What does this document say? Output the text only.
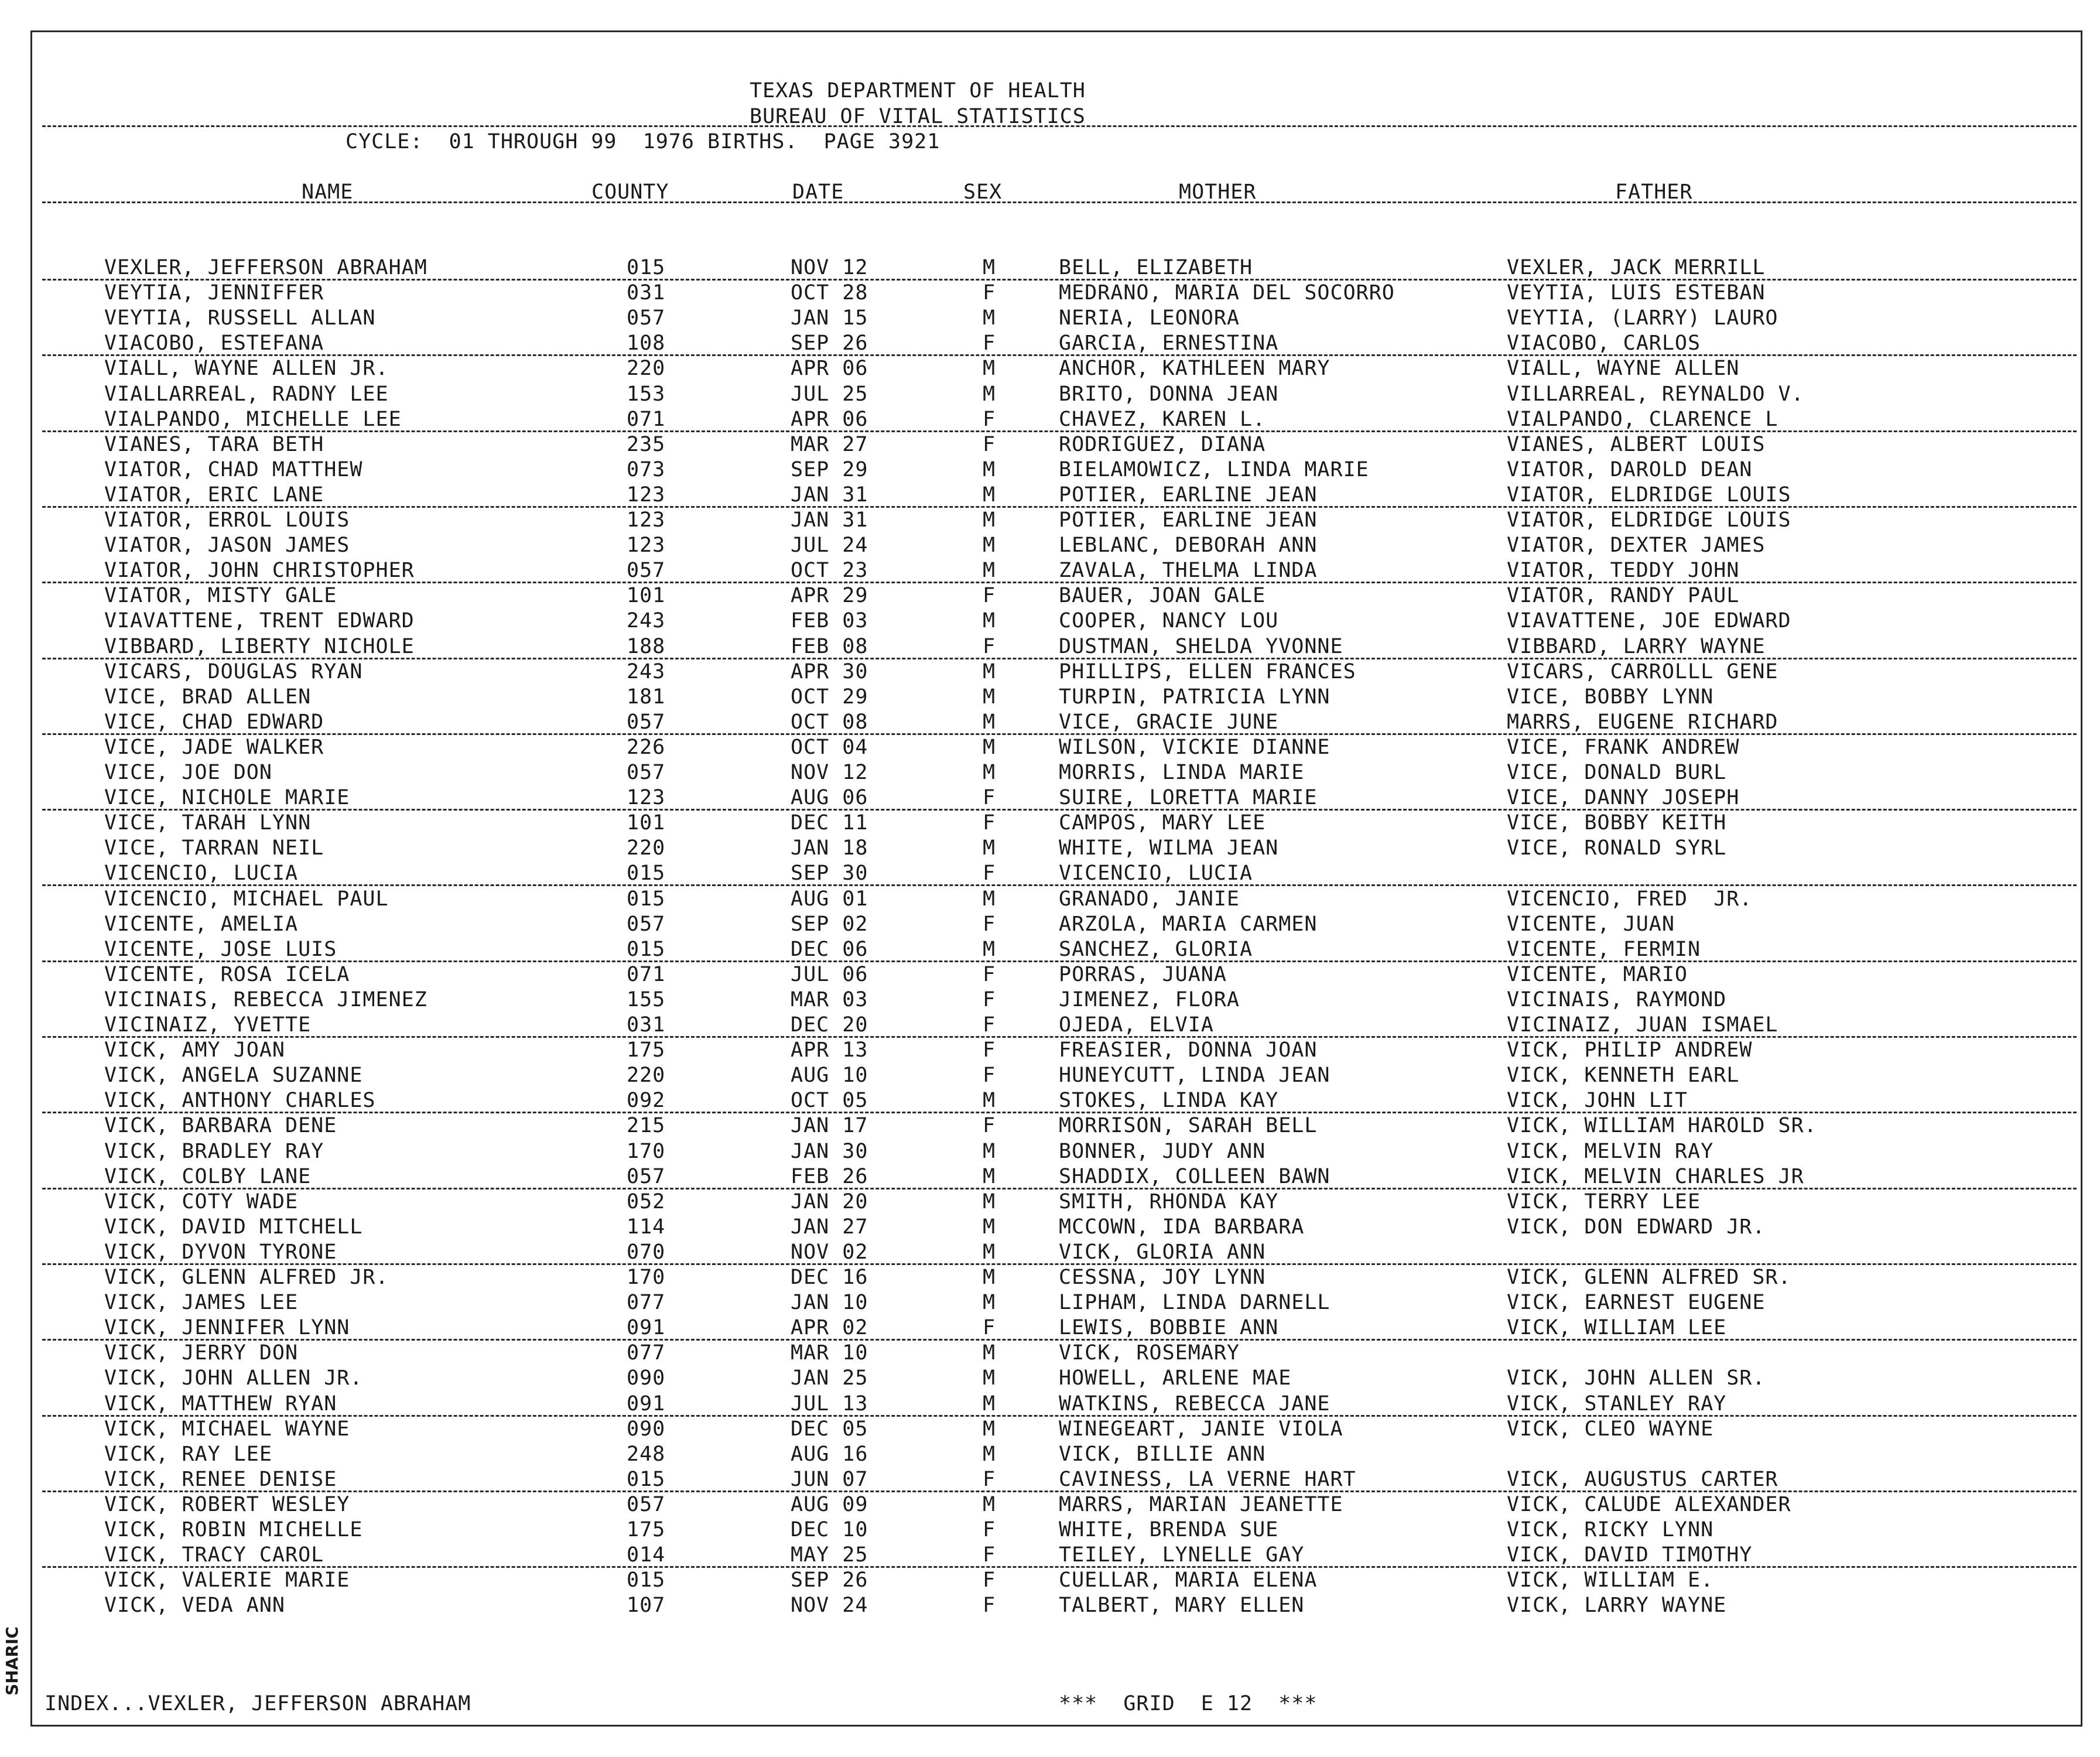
TEXAS DEPARTMENT OF HEALTH
BUREAU OF VITAL STATISTICS
CYCLE:  01 THROUGH 99  1976 BIRTHS.  PAGE 3921
NAME	COUNTY	DATE	SEX	MOTHER	FATHER
VEXLER, JEFFERSON ABRAHAM	015	NOV 12	M	BELL, ELIZABETH	VEXLER, JACK MERRILL
VEYTIA, JENNIFFER	031	OCT 28	F	MEDRANO, MARIA DEL SOCORRO	VEYTIA, LUIS ESTEBAN
VEYTIA, RUSSELL ALLAN	057	JAN 15	M	NERIA, LEONORA	VEYTIA, (LARRY) LAURO
VIACOBO, ESTEFANA	108	SEP 26	F	GARCIA, ERNESTINA	VIACOBO, CARLOS
VIALL, WAYNE ALLEN JR.	220	APR 06	M	ANCHOR, KATHLEEN MARY	VIALL, WAYNE ALLEN
VIALLARREAL, RADNY LEE	153	JUL 25	M	BRITO, DONNA JEAN	VILLARREAL, REYNALDO V.
VIALPANDO, MICHELLE LEE	071	APR 06	F	CHAVEZ, KAREN L.	VIALPANDO, CLARENCE L
VIANES, TARA BETH	235	MAR 27	F	RODRIGUEZ, DIANA	VIANES, ALBERT LOUIS
VIATOR, CHAD MATTHEW	073	SEP 29	M	BIELAMOWICZ, LINDA MARIE	VIATOR, DAROLD DEAN
VIATOR, ERIC LANE	123	JAN 31	M	POTIER, EARLINE JEAN	VIATOR, ELDRIDGE LOUIS
VIATOR, ERROL LOUIS	123	JAN 31	M	POTIER, EARLINE JEAN	VIATOR, ELDRIDGE LOUIS
VIATOR, JASON JAMES	123	JUL 24	M	LEBLANC, DEBORAH ANN	VIATOR, DEXTER JAMES
VIATOR, JOHN CHRISTOPHER	057	OCT 23	M	ZAVALA, THELMA LINDA	VIATOR, TEDDY JOHN
VIATOR, MISTY GALE	101	APR 29	F	BAUER, JOAN GALE	VIATOR, RANDY PAUL
VIAVATTENE, TRENT EDWARD	243	FEB 03	M	COOPER, NANCY LOU	VIAVATTENE, JOE EDWARD
VIBBARD, LIBERTY NICHOLE	188	FEB 08	F	DUSTMAN, SHELDA YVONNE	VIBBARD, LARRY WAYNE
VICARS, DOUGLAS RYAN	243	APR 30	M	PHILLIPS, ELLEN FRANCES	VICARS, CARROLLL GENE
VICE, BRAD ALLEN	181	OCT 29	M	TURPIN, PATRICIA LYNN	VICE, BOBBY LYNN
VICE, CHAD EDWARD	057	OCT 08	M	VICE, GRACIE JUNE	MARRS, EUGENE RICHARD
VICE, JADE WALKER	226	OCT 04	M	WILSON, VICKIE DIANNE	VICE, FRANK ANDREW
VICE, JOE DON	057	NOV 12	M	MORRIS, LINDA MARIE	VICE, DONALD BURL
VICE, NICHOLE MARIE	123	AUG 06	F	SUIRE, LORETTA MARIE	VICE, DANNY JOSEPH
VICE, TARAH LYNN	101	DEC 11	F	CAMPOS, MARY LEE	VICE, BOBBY KEITH
VICE, TARRAN NEIL	220	JAN 18	M	WHITE, WILMA JEAN	VICE, RONALD SYRL
VICENCIO, LUCIA	015	SEP 30	F	VICENCIO, LUCIA
VICENCIO, MICHAEL PAUL	015	AUG 01	M	GRANADO, JANIE	VICENCIO, FRED  JR.
VICENTE, AMELIA	057	SEP 02	F	ARZOLA, MARIA CARMEN	VICENTE, JUAN
VICENTE, JOSE LUIS	015	DEC 06	M	SANCHEZ, GLORIA	VICENTE, FERMIN
VICENTE, ROSA ICELA	071	JUL 06	F	PORRAS, JUANA	VICENTE, MARIO
VICINAIS, REBECCA JIMENEZ	155	MAR 03	F	JIMENEZ, FLORA	VICINAIS, RAYMOND
VICINAIZ, YVETTE	031	DEC 20	F	OJEDA, ELVIA	VICINAIZ, JUAN ISMAEL
VICK, AMY JOAN	175	APR 13	F	FREASIER, DONNA JOAN	VICK, PHILIP ANDREW
VICK, ANGELA SUZANNE	220	AUG 10	F	HUNEYCUTT, LINDA JEAN	VICK, KENNETH EARL
VICK, ANTHONY CHARLES	092	OCT 05	M	STOKES, LINDA KAY	VICK, JOHN LIT
VICK, BARBARA DENE	215	JAN 17	F	MORRISON, SARAH BELL	VICK, WILLIAM HAROLD SR.
VICK, BRADLEY RAY	170	JAN 30	M	BONNER, JUDY ANN	VICK, MELVIN RAY
VICK, COLBY LANE	057	FEB 26	M	SHADDIX, COLLEEN BAWN	VICK, MELVIN CHARLES JR
VICK, COTY WADE	052	JAN 20	M	SMITH, RHONDA KAY	VICK, TERRY LEE
VICK, DAVID MITCHELL	114	JAN 27	M	MCCOWN, IDA BARBARA	VICK, DON EDWARD JR.
VICK, DYVON TYRONE	070	NOV 02	M	VICK, GLORIA ANN
VICK, GLENN ALFRED JR.	170	DEC 16	M	CESSNA, JOY LYNN	VICK, GLENN ALFRED SR.
VICK, JAMES LEE	077	JAN 10	M	LIPHAM, LINDA DARNELL	VICK, EARNEST EUGENE
VICK, JENNIFER LYNN	091	APR 02	F	LEWIS, BOBBIE ANN	VICK, WILLIAM LEE
VICK, JERRY DON	077	MAR 10	M	VICK, ROSEMARY
VICK, JOHN ALLEN JR.	090	JAN 25	M	HOWELL, ARLENE MAE	VICK, JOHN ALLEN SR.
VICK, MATTHEW RYAN	091	JUL 13	M	WATKINS, REBECCA JANE	VICK, STANLEY RAY
VICK, MICHAEL WAYNE	090	DEC 05	M	WINEGEART, JANIE VIOLA	VICK, CLEO WAYNE
VICK, RAY LEE	248	AUG 16	M	VICK, BILLIE ANN
VICK, RENEE DENISE	015	JUN 07	F	CAVINESS, LA VERNE HART	VICK, AUGUSTUS CARTER
VICK, ROBERT WESLEY	057	AUG 09	M	MARRS, MARIAN JEANETTE	VICK, CALUDE ALEXANDER
VICK, ROBIN MICHELLE	175	DEC 10	F	WHITE, BRENDA SUE	VICK, RICKY LYNN
VICK, TRACY CAROL	014	MAY 25	F	TEILEY, LYNELLE GAY	VICK, DAVID TIMOTHY
VICK, VALERIE MARIE	015	SEP 26	F	CUELLAR, MARIA ELENA	VICK, WILLIAM E.
VICK, VEDA ANN	107	NOV 24	F	TALBERT, MARY ELLEN	VICK, LARRY WAYNE
INDEX...VEXLER, JEFFERSON ABRAHAM	***  GRID  E 12  ***
SHARIC
